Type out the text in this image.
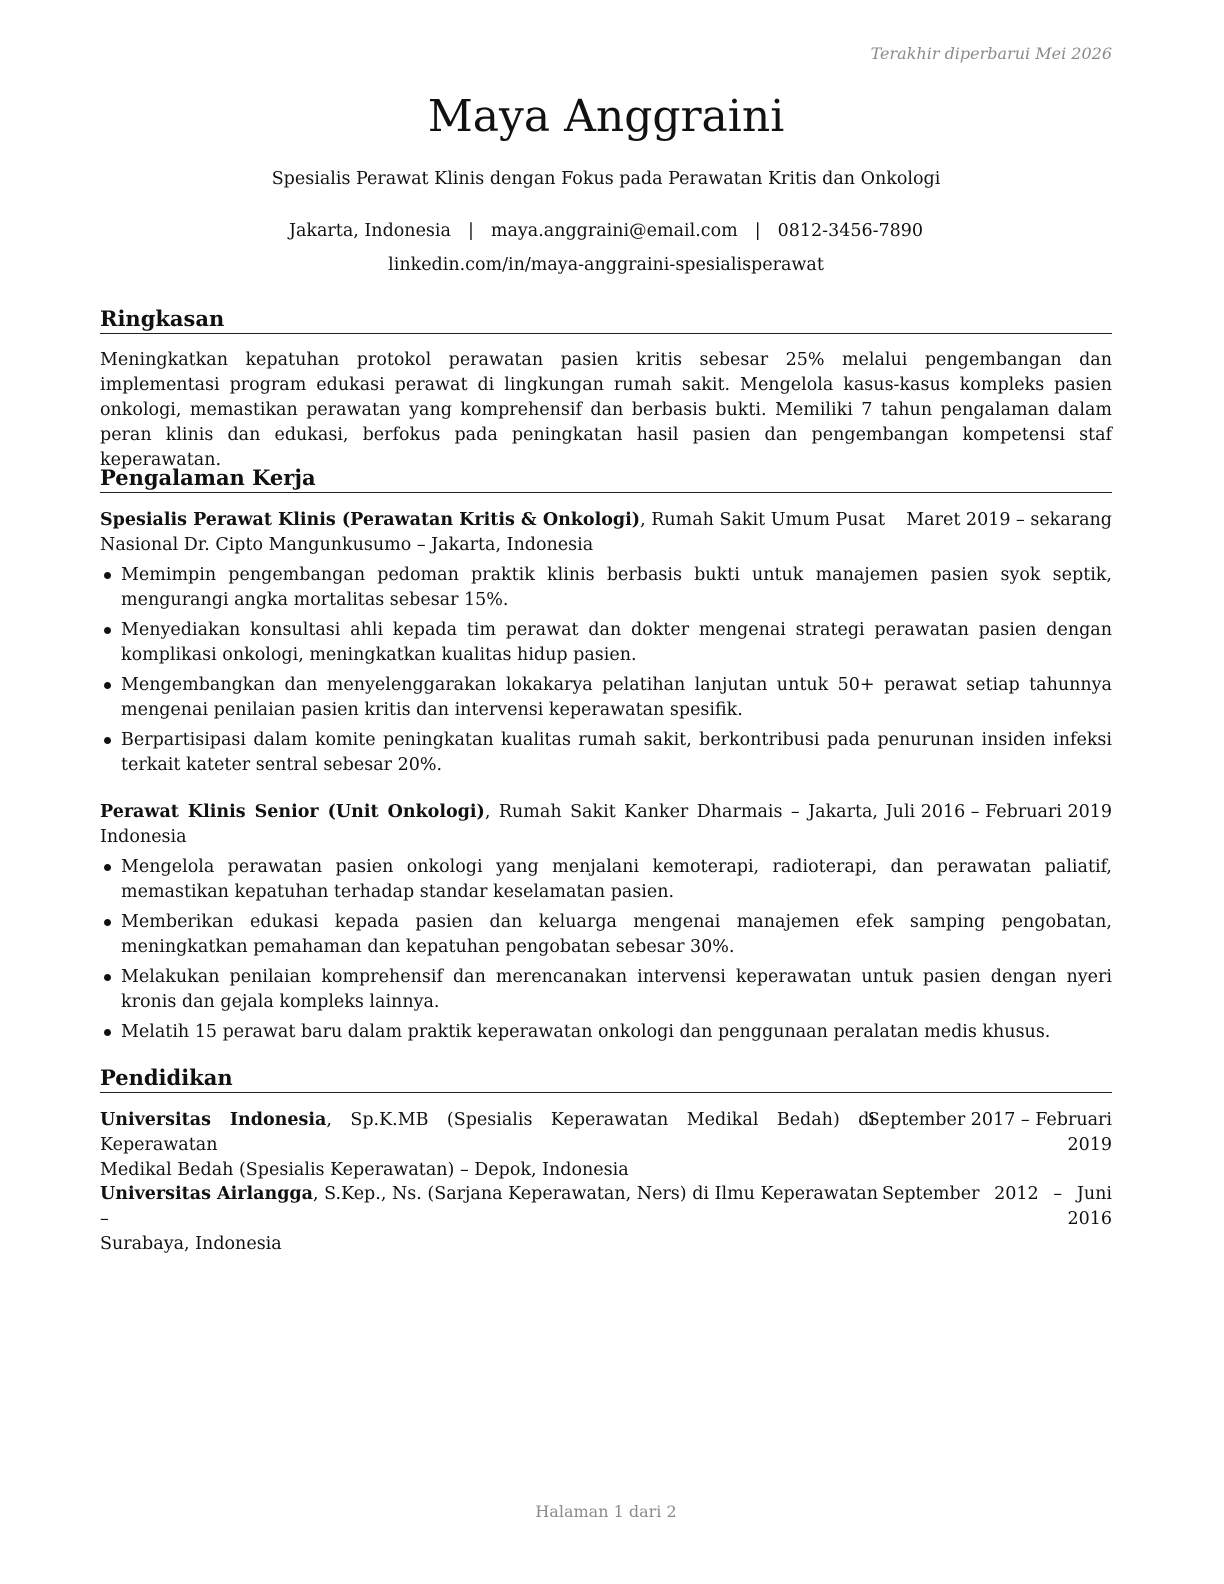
Terakhir diperbarui Mei 2026
Maya Anggraini
Spesialis Perawat Klinis dengan Fokus pada Perawatan Kritis dan Onkologi
Jakarta, Indonesia | maya.anggraini@email.com | 0812-3456-7890
linkedin.com/in/maya-anggraini-spesialisperawat
Ringkasan
Meningkatkan kepatuhan protokol perawatan pasien kritis sebesar 25% melalui pengembangan dan implementasi program edukasi perawat di lingkungan rumah sakit. Mengelola kasus-kasus kompleks pasien onkologi, memastikan perawatan yang komprehensif dan berbasis bukti. Memiliki 7 tahun pengalaman dalam peran klinis dan edukasi, berfokus pada peningkatan hasil pasien dan pengembangan kompetensi staf keperawatan.
Pengalaman Kerja
Spesialis Perawat Klinis (Perawatan Kritis & Onkologi), Rumah Sakit Umum Pusat
Nasional Dr. Cipto Mangunkusumo – Jakarta, Indonesia
Maret 2019 – sekarang
Memimpin pengembangan pedoman praktik klinis berbasis bukti untuk manajemen pasien syok septik, mengurangi angka mortalitas sebesar 15%.
Menyediakan konsultasi ahli kepada tim perawat dan dokter mengenai strategi perawatan pasien dengan komplikasi onkologi, meningkatkan kualitas hidup pasien.
Mengembangkan dan menyelenggarakan lokakarya pelatihan lanjutan untuk 50+ perawat setiap tahunnya mengenai penilaian pasien kritis dan intervensi keperawatan spesifik.
Berpartisipasi dalam komite peningkatan kualitas rumah sakit, berkontribusi pada penurunan insiden infeksi terkait kateter sentral sebesar 20%.
Perawat Klinis Senior (Unit Onkologi), Rumah Sakit Kanker Dharmais – Jakarta,
Indonesia
Juli 2016 – Februari 2019
Mengelola perawatan pasien onkologi yang menjalani kemoterapi, radioterapi, dan perawatan paliatif, memastikan kepatuhan terhadap standar keselamatan pasien.
Memberikan edukasi kepada pasien dan keluarga mengenai manajemen efek samping pengobatan, meningkatkan pemahaman dan kepatuhan pengobatan sebesar 30%.
Melakukan penilaian komprehensif dan merencanakan intervensi keperawatan untuk pasien dengan nyeri kronis dan gejala kompleks lainnya.
Melatih 15 perawat baru dalam praktik keperawatan onkologi dan penggunaan peralatan medis khusus.
Pendidikan
Universitas Indonesia, Sp.K.MB (Spesialis Keperawatan Medikal Bedah) di Keperawatan
Medikal Bedah (Spesialis Keperawatan) – Depok, Indonesia
September 2017 – Februari
2019
Universitas Airlangga, S.Kep., Ns. (Sarjana Keperawatan, Ners) di Ilmu Keperawatan –
Surabaya, Indonesia
September 2012 – Juni
2016
Halaman 1 dari 2
